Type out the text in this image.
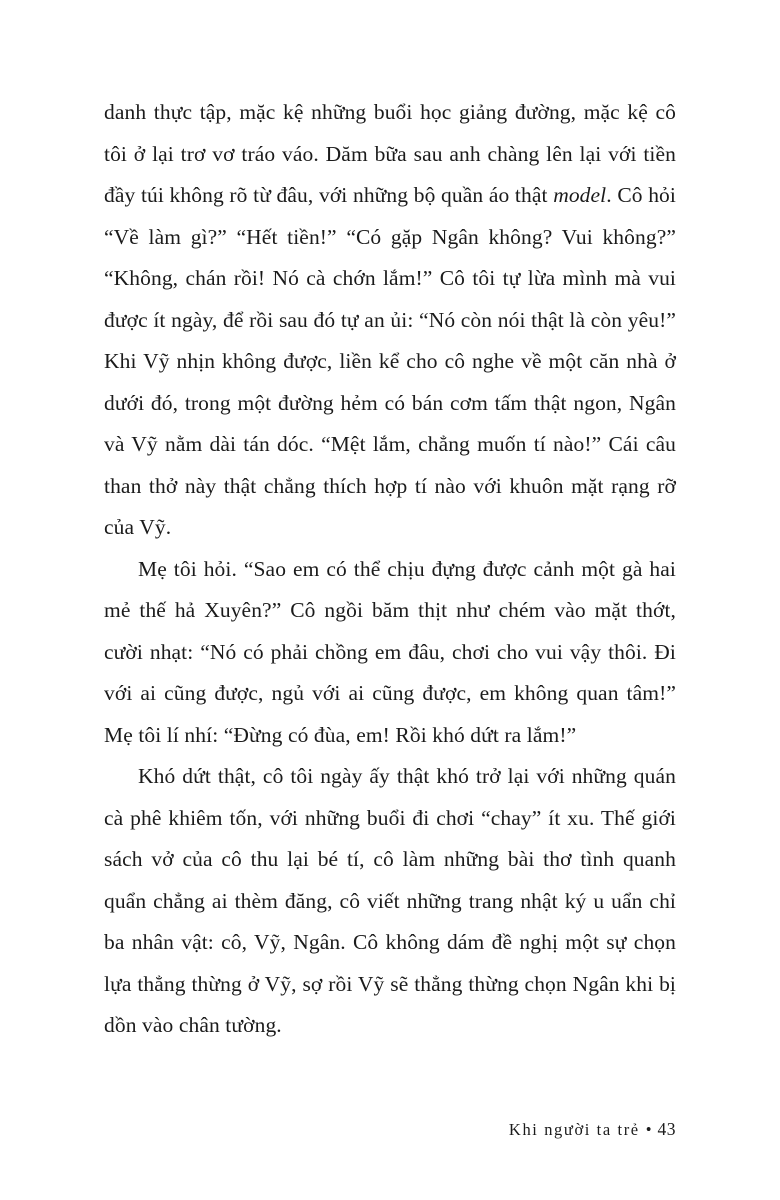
danh thực tập, mặc kệ những buổi học giảng đường, mặc kệ cô tôi ở lại trơ vơ tráo váo. Dăm bữa sau anh chàng lên lại với tiền đầy túi không rõ từ đâu, với những bộ quần áo thật model. Cô hỏi “Về làm gì?” “Hết tiền!” “Có gặp Ngân không? Vui không?” “Không, chán rồi! Nó cà chớn lắm!” Cô tôi tự lừa mình mà vui được ít ngày, để rồi sau đó tự an ủi: “Nó còn nói thật là còn yêu!” Khi Vỹ nhịn không được, liền kể cho cô nghe về một căn nhà ở dưới đó, trong một đường hẻm có bán cơm tấm thật ngon, Ngân và Vỹ nằm dài tán dóc. “Mệt lắm, chẳng muốn tí nào!” Cái câu than thở này thật chẳng thích hợp tí nào với khuôn mặt rạng rỡ của Vỹ.

Mẹ tôi hỏi. “Sao em có thể chịu đựng được cảnh một gà hai mẻ thế hả Xuyên?” Cô ngồi băm thịt như chém vào mặt thớt, cười nhạt: “Nó có phải chồng em đâu, chơi cho vui vậy thôi. Đi với ai cũng được, ngủ với ai cũng được, em không quan tâm!” Mẹ tôi lí nhí: “Đừng có đùa, em! Rồi khó dứt ra lắm!”

Khó dứt thật, cô tôi ngày ấy thật khó trở lại với những quán cà phê khiêm tốn, với những buổi đi chơi “chay” ít xu. Thế giới sách vở của cô thu lại bé tí, cô làm những bài thơ tình quanh quẩn chẳng ai thèm đăng, cô viết những trang nhật ký u uẩn chỉ ba nhân vật: cô, Vỹ, Ngân. Cô không dám đề nghị một sự chọn lựa thẳng thừng ở Vỹ, sợ rồi Vỹ sẽ thẳng thừng chọn Ngân khi bị dồn vào chân tường.

Khi người ta trẻ • 43
